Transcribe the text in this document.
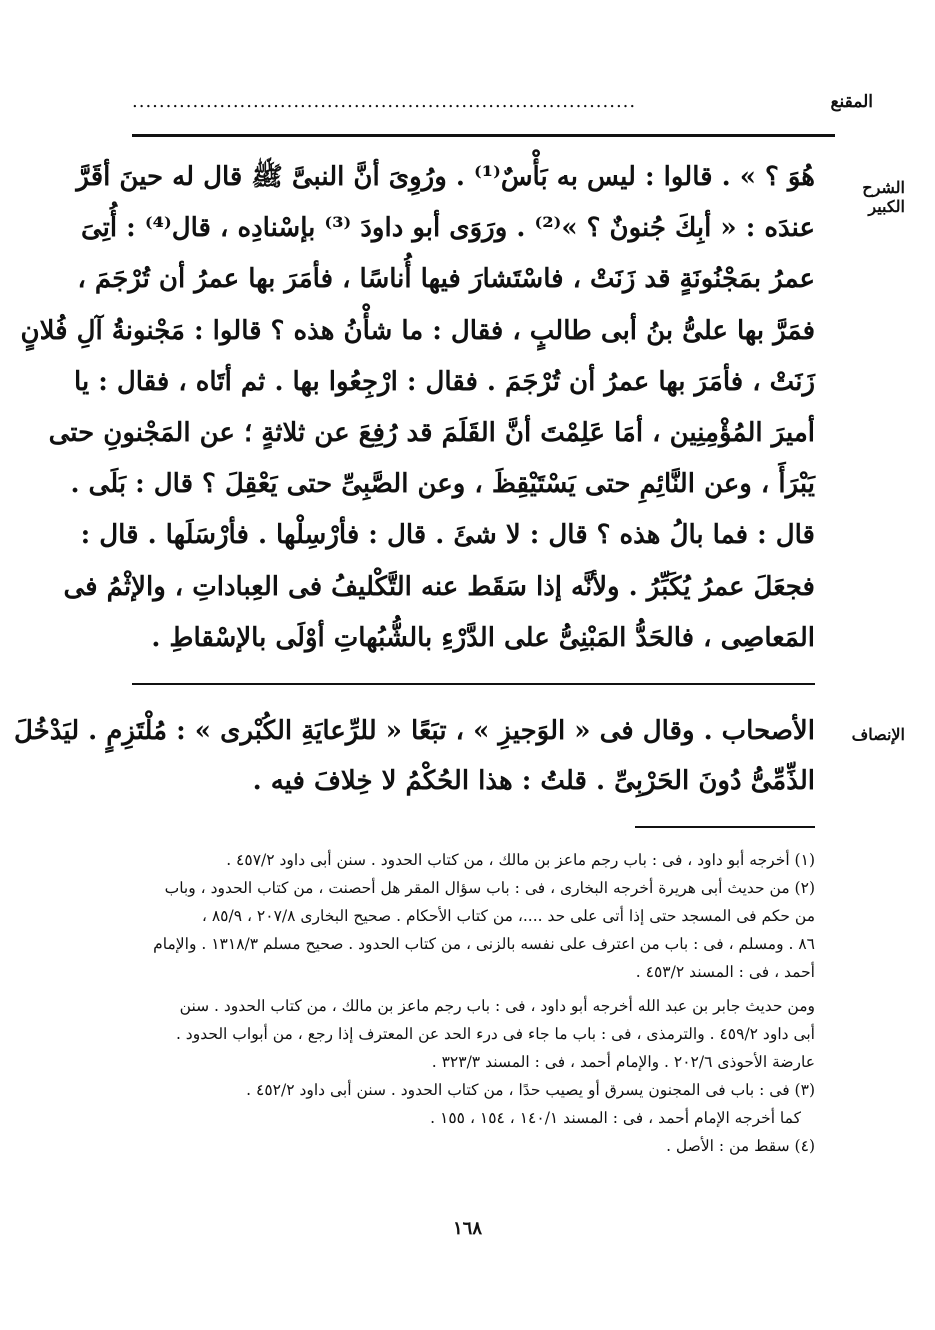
المقنع
...........................................................................
الشرح الكبير
هُوَ ؟ » . قالوا : ليس به بَأْسٌ⁽¹⁾ . ورُوِىَ أنَّ النبىَّ ﷺ قال له حينَ أقَرَّ
عندَه : « أبِكَ جُنونٌ ؟ »⁽²⁾ . ورَوَى أبو داودَ ⁽³⁾ بإسْنادِه ، قال⁽⁴⁾ : أُتِىَ
عمرُ بمَجْنُونَةٍ قد زَنَتْ ، فاسْتَشارَ فيها أُناسًا ، فأمَرَ بها عمرُ أن تُرْجَمَ ،
فمَرَّ بها علىُّ بنُ أبى طالبٍ ، فقال : ما شأْنُ هذه ؟ قالوا : مَجْنونةُ آلِ فُلانٍ
زَنَتْ ، فأمَرَ بها عمرُ أن تُرْجَمَ . فقال : ارْجِعُوا بها . ثم أتَاه ، فقال : يا
أميرَ المُؤْمِنِين ، أمَا عَلِمْتَ أنَّ القَلَمَ قد رُفِعَ عن ثلاثةٍ ؛ عن المَجْنونِ حتى
يَبْرَأَ ، وعن النَّائِمِ حتى يَسْتَيْقِظَ ، وعن الصَّبِىِّ حتى يَعْقِلَ ؟ قال : بَلَى .
قال : فما بالُ هذه ؟ قال : لا شئَ . قال : فأرْسِلْها . فأرْسَلَها . قال :
فجعَلَ عمرُ يُكَبِّرُ . ولأنَّه إذا سَقَط عنه التَّكْليفُ فى العِباداتِ ، والإثْمُ فى
المَعاصِى ، فالحَدُّ المَبْنِىُّ على الدَّرْءِ بالشُّبُهاتِ أوْلَى بالإسْقاطِ .
الإنصاف
الأصحاب . وقال فى « الوَجيزِ » ، تبَعًا « للرِّعايَةِ الكُبْرى » : مُلْتَزِمٍ . ليَدْخُلَ
الذِّمِّىُّ دُونَ الحَرْبِىِّ . قلتُ : هذا الحُكْمُ لا خِلافَ فيه .
(١) أخرجه أبو داود ، فى : باب رجم ماعز بن مالك ، من كتاب الحدود . سنن أبى داود ٤٥٧/٢ .
(٢) من حديث أبى هريرة أخرجه البخارى ، فى : باب سؤال المقر هل أحصنت ، من كتاب الحدود ، وباب
من حكم فى المسجد حتى إذا أتى على حد ....، من كتاب الأحكام . صحيح البخارى ٢٠٧/٨ ، ٨٥/٩ ،
٨٦ . ومسلم ، فى : باب من اعترف على نفسه بالزنى ، من كتاب الحدود . صحيح مسلم ١٣١٨/٣ . والإمام
أحمد ، فى : المسند ٤٥٣/٢ .
ومن حديث جابر بن عبد الله أخرجه أبو داود ، فى : باب رجم ماعز بن مالك ، من كتاب الحدود . سنن
أبى داود ٤٥٩/٢ . والترمذى ، فى : باب ما جاء فى درء الحد عن المعترف إذا رجع ، من أبواب الحدود .
عارضة الأحوذى ٢٠٢/٦ . والإمام أحمد ، فى : المسند ٣٢٣/٣ .
(٣) فى : باب فى المجنون يسرق أو يصيب حدًا ، من كتاب الحدود . سنن أبى داود ٤٥٢/٢ .
كما أخرجه الإمام أحمد ، فى : المسند ١٤٠/١ ، ١٥٤ ، ١٥٥ .
(٤) سقط من : الأصل .
١٦٨
